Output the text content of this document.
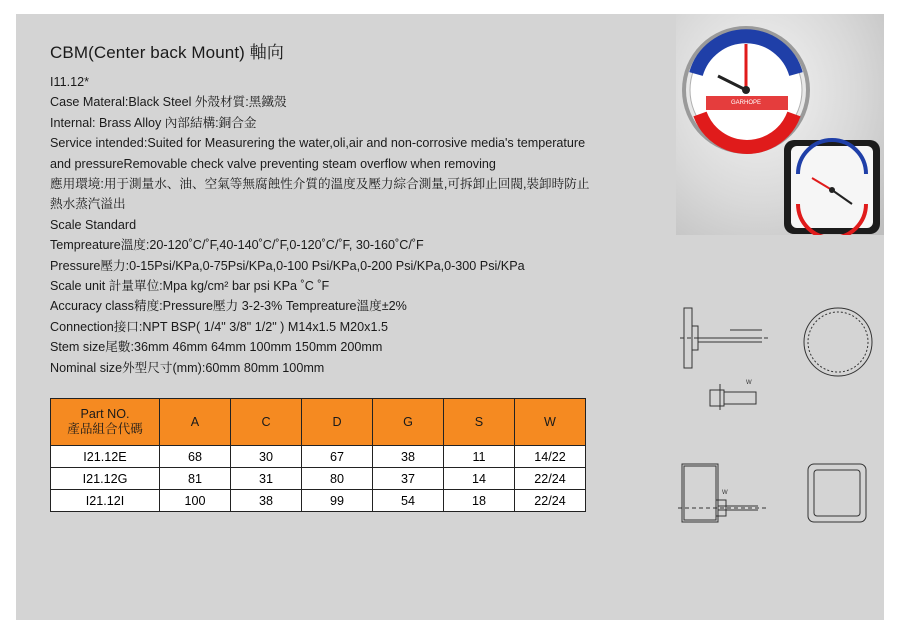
CBM(Center back Mount) 軸向
I11.12*
Case Materal:Black Steel 外殼材質:黑鐵殼
Internal: Brass Alloy 內部結構:銅合金
Service intended:Suited for Measurering the water,oli,air and non-corrosive media's temperature
and pressureRemovable check valve preventing steam overflow when removing
應用環境:用于測量水、油、空氣等無腐蝕性介質的溫度及壓力綜合測量,可拆卸止回閥,裝卸時防止
熱水蒸汽溢出
Scale Standard
Tempreature溫度:20-120˚C/˚F,40-140˚C/˚F,0-120˚C/˚F, 30-160˚C/˚F
Pressure壓力:0-15Psi/KPa,0-75Psi/KPa,0-100 Psi/KPa,0-200 Psi/KPa,0-300 Psi/KPa
Scale unit 計量單位:Mpa kg/cm² bar psi KPa ˚C ˚F
Accuracy class精度:Pressure壓力 3-2-3% Tempreature溫度±2%
Connection接口:NPT BSP( 1/4" 3/8" 1/2" ) M14x1.5 M20x1.5
Stem size尾數:36mm 46mm 64mm 100mm 150mm 200mm
Nominal size外型尺寸(mm):60mm 80mm 100mm
Part NO.
產品組合代碼	A	C	D	G	S	W
I21.12E	68	30	67	38	11	14/22
I21.12G	81	31	80	37	14	22/24
I21.12I	100	38	99	54	18	22/24
GARHOPE
W
W
